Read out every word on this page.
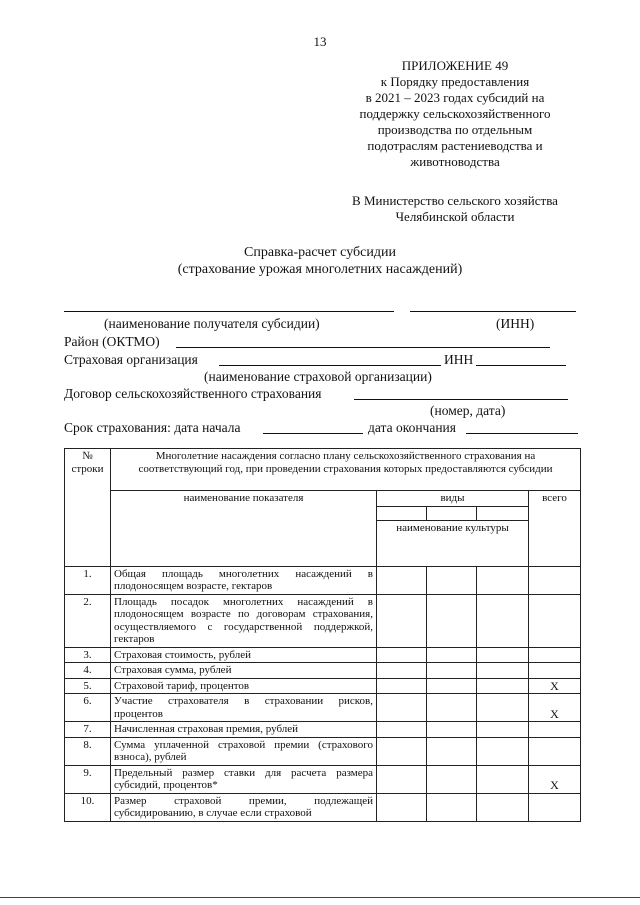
13
ПРИЛОЖЕНИЕ 49
к Порядку предоставления
в 2021 – 2023 годах субсидий на
поддержку сельскохозяйственного
производства по отдельным
подотраслям растениеводства и
животноводства
В Министерство сельского хозяйства
Челябинской области
Справка-расчет субсидии
(страхование урожая многолетних насаждений)
(наименование получателя субсидии)	(ИНН)
Район (ОКТМО)
Страховая организация	ИНН
(наименование страховой организации)
Договор сельскохозяйственного страхования
(номер, дата)
Срок страхования: дата начала	дата окончания
№ строки	Многолетние насаждения согласно плану сельскохозяйственного страхования на соответствующий год, при проведении страхования которых предоставляются субсидии				
	наименование показателя	виды			всего

		наименование культуры			
1.	Общая площадь многолетних насаждений в плодоносящем возрасте, гектаров				
2.	Площадь посадок многолетних насаждений в плодоносящем возрасте по договорам страхования, осуществляемого с государственной поддержкой, гектаров				
3.	Страховая стоимость, рублей				
4.	Страховая сумма, рублей				
5.	Страховой тариф, процентов				Х
6.	Участие страхователя в страховании рисков, процентов				Х
7.	Начисленная страховая премия, рублей				
8.	Сумма уплаченной страховой премии (страхового взноса), рублей				
9.	Предельный размер ставки для расчета размера субсидий, процентов*				Х
10.	Размер страховой премии, подлежащей субсидированию, в случае если страховой				
